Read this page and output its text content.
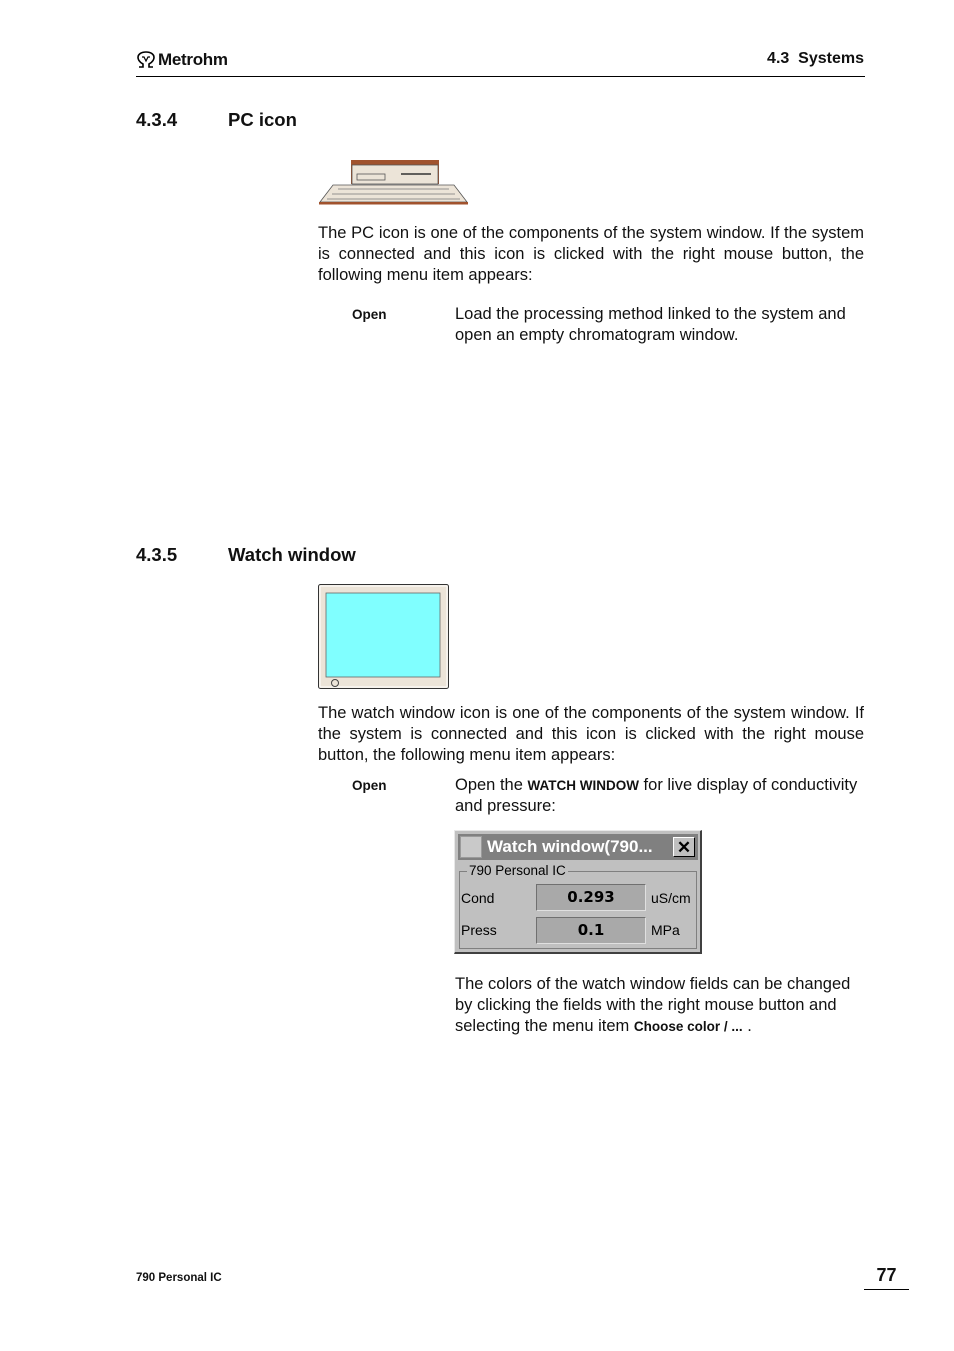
Metrohm	4.3  Systems
4.3.4	PC icon
The PC icon is one of the components of the system window. If the system is connected and this icon is clicked with the right mouse button, the following menu item appears:
Open	Load the processing method linked to the system and open an empty chromatogram window.
4.3.5	Watch window
The watch window icon is one of the components of the system window. If the system is connected and this icon is clicked with the right mouse button, the following menu item appears:
Open	Open the WATCH WINDOW for live display of conductivity and pressure:
Watch window(790... ✕
790 Personal IC
Cond	0.293	uS/cm
Press	0.1	MPa
The colors of the watch window fields can be changed by clicking the fields with the right mouse button and selecting the menu item Choose color / ... .
790 Personal IC	77
